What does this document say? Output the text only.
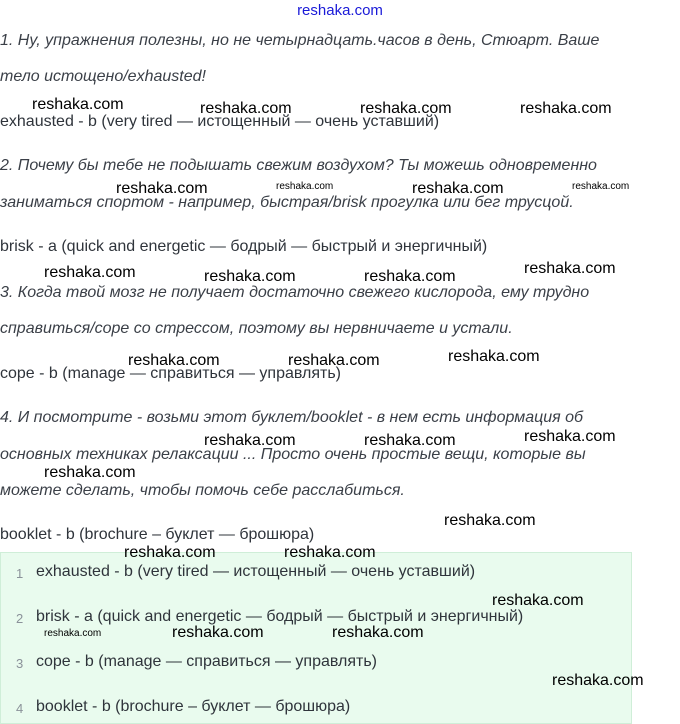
reshaka.com
1. Ну, упражнения полезны, но не четырнадцать.часов в день, Стюарт. Ваше
тело истощено/exhausted!
exhausted - b (very tired — истощенный — очень уставший)
2. Почему бы тебе не подышать свежим воздухом? Ты можешь одновременно
заниматься спортом - например, быстрая/brisk прогулка или бег трусцой.
brisk - a (quick and energetic — бодрый — быстрый и энергичный)
3. Когда твой мозг не получает достаточно свежего кислорода, ему трудно
справиться/cope со стрессом, поэтому вы нервничаете и устали.
cope - b (manage — справиться — управлять)
4. И посмотрите - возьми этот буклет/booklet - в нем есть информация об
основных техниках релаксации ... Просто очень простые вещи, которые вы
можете сделать, чтобы помочь себе расслабиться.
booklet - b (brochure – буклет — брошюра)
1 exhausted - b (very tired — истощенный — очень уставший)
2 brisk - a (quick and energetic — бодрый — быстрый и энергичный)
3 cope - b (manage — справиться — управлять)
4 booklet - b (brochure – буклет — брошюра)
reshaka.com	reshaka.com	reshaka.com	reshaka.com
reshaka.com	reshaka.com	reshaka.com	reshaka.com
reshaka.com	reshaka.com	reshaka.com	reshaka.com
reshaka.com	reshaka.com	reshaka.com
reshaka.com	reshaka.com	reshaka.com
reshaka.com
reshaka.com
reshaka.com	reshaka.com
reshaka.com
reshaka.com	reshaka.com	reshaka.com
reshaka.com
